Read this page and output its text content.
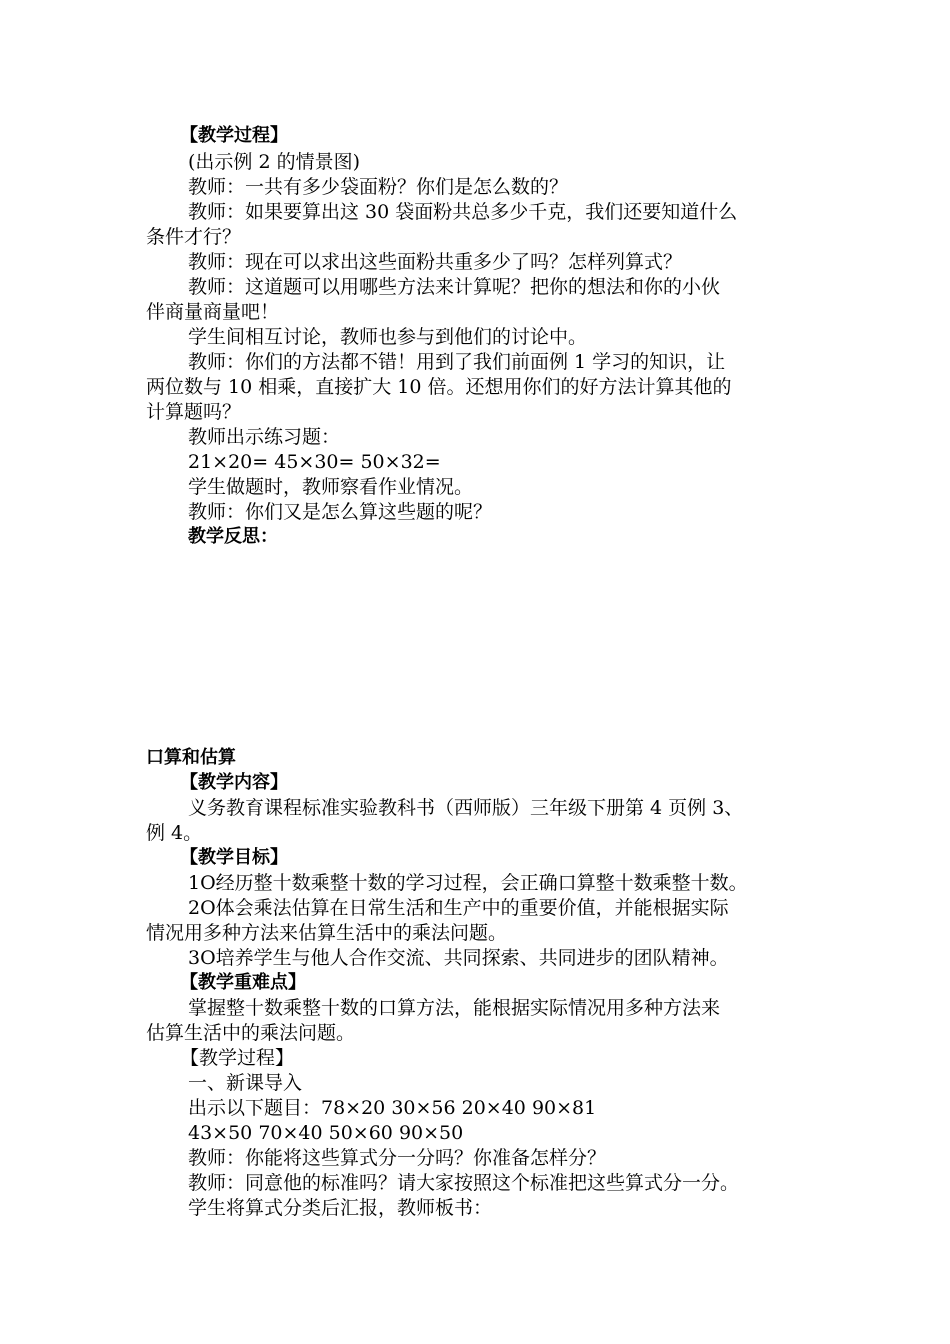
【教学过程】
(出示例 2 的情景图)
教师：一共有多少袋面粉？你们是怎么数的？
教师：如果要算出这 30 袋面粉共总多少千克，我们还要知道什么
条件才行？
教师：现在可以求出这些面粉共重多少了吗？怎样列算式？
教师：这道题可以用哪些方法来计算呢？把你的想法和你的小伙
伴商量商量吧！
学生间相互讨论，教师也参与到他们的讨论中。
教师：你们的方法都不错！用到了我们前面例 1 学习的知识，让
两位数与 10 相乘，直接扩大 10 倍。还想用你们的好方法计算其他的
计算题吗？
教师出示练习题：
21×20= 45×30= 50×32=
学生做题时，教师察看作业情况。
教师：你们又是怎么算这些题的呢？
教学反思：
口算和估算
【教学内容】
义务教育课程标准实验教科书（西师版）三年级下册第 4 页例 3、
例 4。
【教学目标】
1O经历整十数乘整十数的学习过程，会正确口算整十数乘整十数。
2O体会乘法估算在日常生活和生产中的重要价值，并能根据实际
情况用多种方法来估算生活中的乘法问题。
3O培养学生与他人合作交流、共同探索、共同进步的团队精神。
【教学重难点】
掌握整十数乘整十数的口算方法，能根据实际情况用多种方法来
估算生活中的乘法问题。
【教学过程】
一、新课导入
出示以下题目：78×20 30×56 20×40 90×81
43×50 70×40 50×60 90×50
教师：你能将这些算式分一分吗？你准备怎样分？
教师：同意他的标准吗？请大家按照这个标准把这些算式分一分。
学生将算式分类后汇报，教师板书：
